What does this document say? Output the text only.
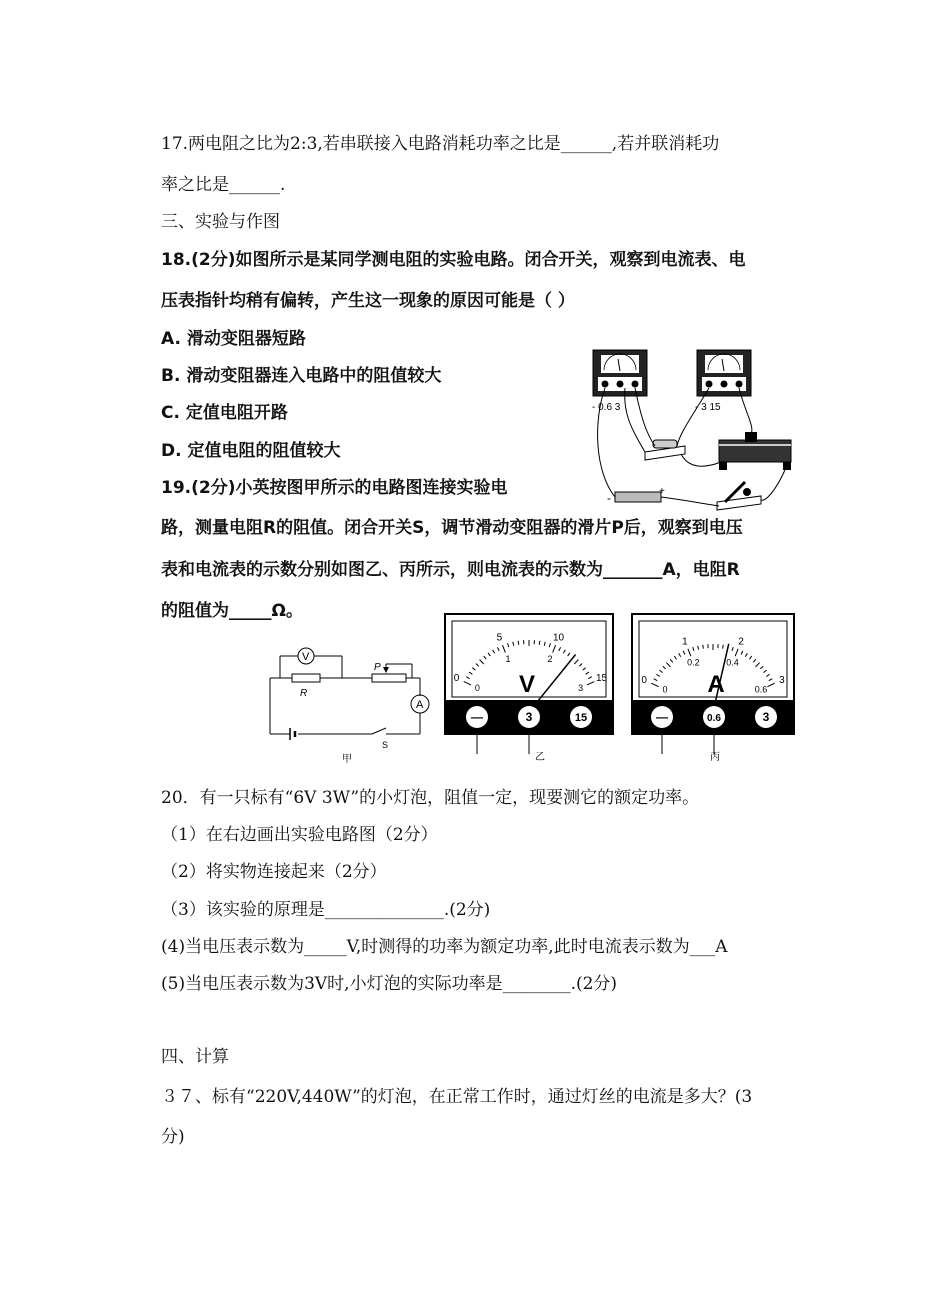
17.两电阻之比为2:3,若串联接入电路消耗功率之比是______,若并联消耗功
率之比是______.
三、实验与作图
18.(2分)如图所示是某同学测电阻的实验电路。闭合开关，观察到电流表、电
压表指针均稍有偏转，产生这一现象的原因可能是（ ）
A. 滑动变阻器短路
B. 滑动变阻器连入电路中的阻值较大
C. 定值电阻开路
D. 定值电阻的阻值较大
- 0.6 3	- 3 15
-	+
19.(2分)小英按图甲所示的电路图连接实验电
路，测量电阻R的阻值。闭合开关S，调节滑动变阻器的滑片P后，观察到电压
表和电流表的示数分别如图乙、丙所示，则电流表的示数为_______A，电阻R
的阻值为_____Ω。
V
A
R
P
S
甲
0
5	10
15
0
1	2
3
V
—	3	15
乙
0
1	2
3
0
0.2	0.4
0.6
A
—	0.6	3
丙
20．有一只标有“6V 3W”的小灯泡，阻值一定，现要测它的额定功率。
（1）在右边画出实验电路图（2分）
（2）将实物连接起来（2分）
（3）该实验的原理是______________.(2分)
(4)当电压表示数为_____V,时测得的功率为额定功率,此时电流表示数为___A
(5)当电压表示数为3V时,小灯泡的实际功率是________.(2分)
四、计算
３７、标有“220V,440W”的灯泡，在正常工作时，通过灯丝的电流是多大？(3
分)
